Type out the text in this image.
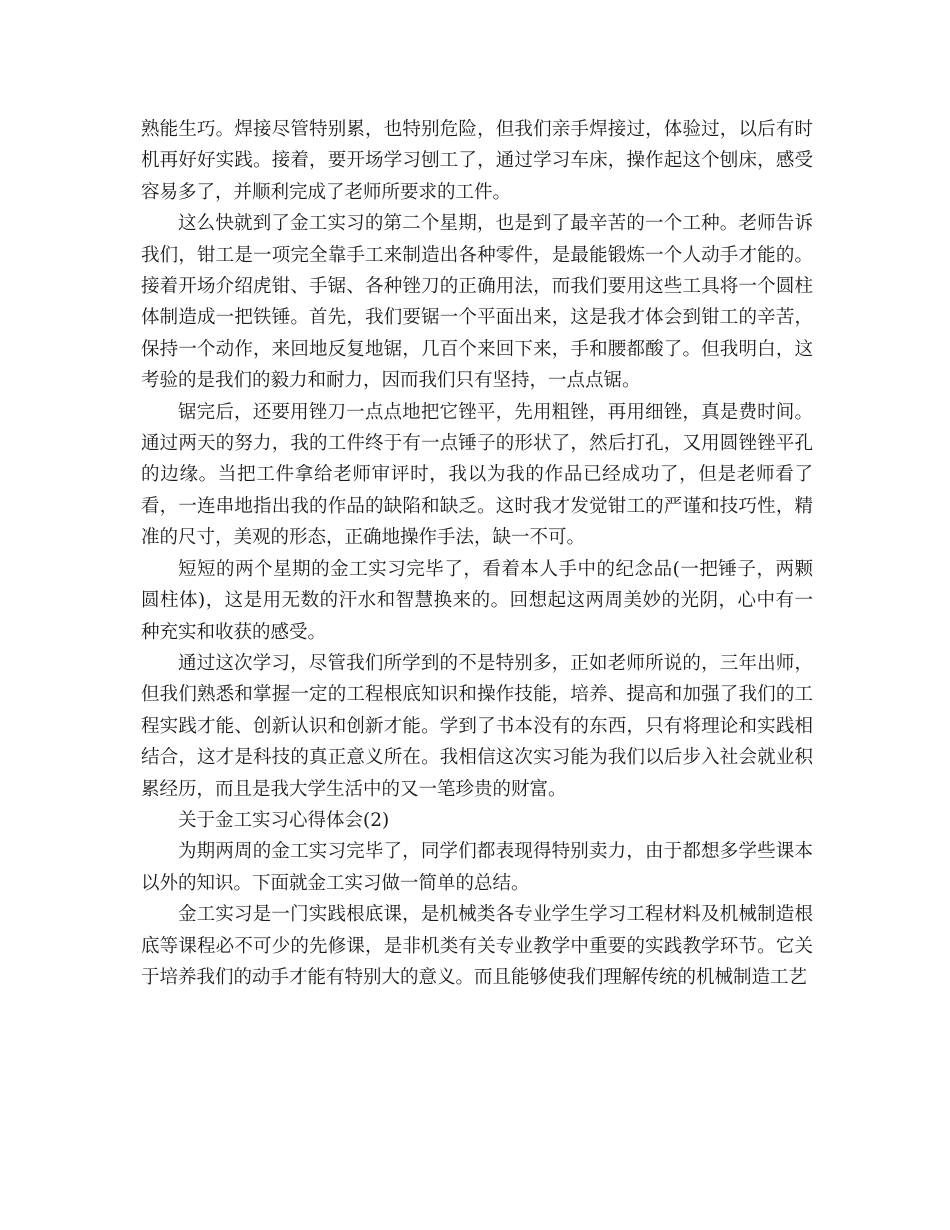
熟能生巧。焊接尽管特别累，也特别危险，但我们亲手焊接过，体验过，以后有时机再好好实践。接着，要开场学习刨工了，通过学习车床，操作起这个刨床，感受容易多了，并顺利完成了老师所要求的工件。

这么快就到了金工实习的第二个星期，也是到了最辛苦的一个工种。老师告诉我们，钳工是一项完全靠手工来制造出各种零件，是最能锻炼一个人动手才能的。接着开场介绍虎钳、手锯、各种锉刀的正确用法，而我们要用这些工具将一个圆柱体制造成一把铁锤。首先，我们要锯一个平面出来，这是我才体会到钳工的辛苦，保持一个动作，来回地反复地锯，几百个来回下来，手和腰都酸了。但我明白，这考验的是我们的毅力和耐力，因而我们只有坚持，一点点锯。

锯完后，还要用锉刀一点点地把它锉平，先用粗锉，再用细锉，真是费时间。通过两天的努力，我的工件终于有一点锤子的形状了，然后打孔，又用圆锉锉平孔的边缘。当把工件拿给老师审评时，我以为我的作品已经成功了，但是老师看了看，一连串地指出我的作品的缺陷和缺乏。这时我才发觉钳工的严谨和技巧性，精准的尺寸，美观的形态，正确地操作手法，缺一不可。

短短的两个星期的金工实习完毕了，看着本人手中的纪念品(一把锤子，两颗圆柱体)，这是用无数的汗水和智慧换来的。回想起这两周美妙的光阴，心中有一种充实和收获的感受。

通过这次学习，尽管我们所学到的不是特别多，正如老师所说的，三年出师，但我们熟悉和掌握一定的工程根底知识和操作技能，培养、提高和加强了我们的工程实践才能、创新认识和创新才能。学到了书本没有的东西，只有将理论和实践相结合，这才是科技的真正意义所在。我相信这次实习能为我们以后步入社会就业积累经历，而且是我大学生活中的又一笔珍贵的财富。

关于金工实习心得体会(2)

为期两周的金工实习完毕了，同学们都表现得特别卖力，由于都想多学些课本以外的知识。下面就金工实习做一简单的总结。

金工实习是一门实践根底课，是机械类各专业学生学习工程材料及机械制造根底等课程必不可少的先修课，是非机类有关专业教学中重要的实践教学环节。它关于培养我们的动手才能有特别大的意义。而且能够使我们理解传统的机械制造工艺
